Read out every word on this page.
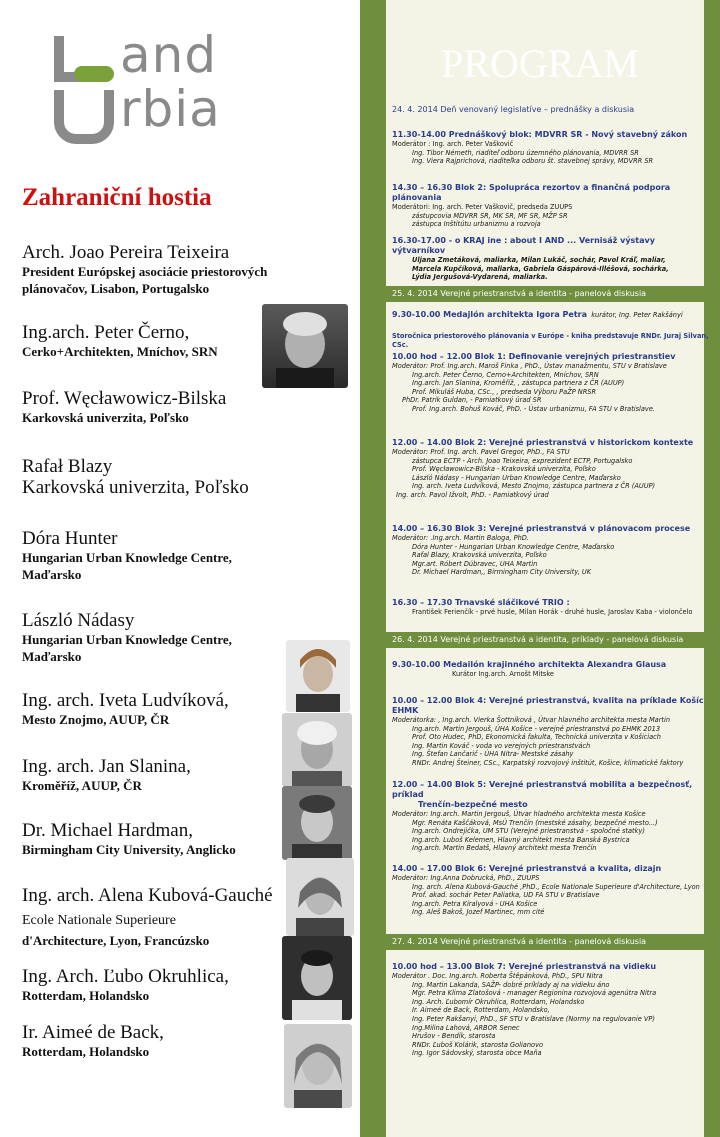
and
rbia
Zahraniční hostia
Arch. Joao Pereira Teixeira
President Európskej asociácie priestorových plánovačov, Lisabon, Portugalsko
Ing.arch. Peter Černo,
Cerko+Architekten, Mníchov, SRN
Prof. Węcławowicz-Bilska
Karkovská univerzita, Poľsko
Rafał Blazy
Karkovská univerzita, Poľsko
Dóra Hunter
Hungarian Urban Knowledge Centre, Maďarsko
László Nádasy
Hungarian Urban Knowledge Centre, Maďarsko
Ing. arch. Iveta Ludvíková,
Mesto Znojmo, AUUP, ČR
Ing. arch. Jan Slanina,
Kroměříž, AUUP, ČR
Dr. Michael Hardman,
Birmingham City University, Anglicko
Ing. arch. Alena Kubová-Gauché Ecole Nationale Superieure
d'Architecture, Lyon, Francúzsko
Ing. Arch. Ľubo Okruhlica,
Rotterdam, Holandsko
Ir. Aimeé de Back,
Rotterdam, Holandsko
PROGRAM
24. 4. 2014 Deň venovaný legislatíve – prednášky a diskusia
11.30-14.00 Prednáškový blok: MDVRR SR - Nový stavebný zákon
Moderátor : Ing. arch. Peter Vaškovič
Ing. Tibor Németh, riaditeľ odboru územného plánovania, MDVRR SR
Ing. Viera Rajprichová, riaditeľka odboru št. stavebnej správy, MDVRR SR
14.30 – 16.30 Blok 2: Spolupráca rezortov a finančná podpora plánovania
Moderátori: Ing. arch. Peter Vaškovič, predseda ZUUPS
zástupcovia MDVRR SR, MK SR, MF SR, MŽP SR
zástupca Inštitútu urbanizmu a rozvoja
16.30-17.00 - o KRAJ ine : about I AND ... Vernisáž výstavy výtvarníkov
Uljana Zmetáková, maliarka, Milan Lukáč, sochár, Pavol Kráľ, maliar,
Marcela Kupčíková, maliarka, Gabriela Gáspárová-Illéšová, sochárka,
Lýdia Jergušová-Vydarená, maliarka.
25. 4. 2014 Verejné priestranstvá a identita - panelová diskusia
9.30-10.00 Medajlón architekta Igora Petra kurátor, Ing. Peter Rakšányi
Storočnica priestorového plánovania v Európe - kniha predstavuje RNDr. Juraj Silvan, CSc.
10.00 hod – 12.00 Blok 1: Definovanie verejných priestranstiev
Moderátor: Prof. Ing.arch. Maroš Finka , PhD., Ústav manažmentu, STU v Bratislave
Ing.arch. Peter Černo, Cerno+Architekten, Mníchov, SRN
Ing.arch. Jan Slanina, Kroměříž, , zástupca partnera z ČR (AUUP)
Prof. Mikuláš Huba, CSc., , predseda Výboru PaŽP NRSR
PhDr. Patrik Guldan, - Pamiatkový úrad SR
Prof. Ing.arch. Bohuš Kováč, PhD. - Ústav urbanizmu, FA STU v Bratislave.
12.00 – 14.00 Blok 2: Verejné priestranstvá v historickom kontexte
Moderátor: Prof. Ing. arch. Pavel Gregor, PhD., FA STU
zástupca ECTP - Arch. Joao Teixeira, exprezident ECTP, Portugalsko
Prof. Węcławowicz-Bilska - Krakovská univerzita, Poľsko
László Nádasy - Hungarian Urban Knowledge Centre, Maďarsko
Ing. arch. Iveta Ludvíková, Mesto Znojmo, zástupca partnera z ČR (AUUP)
Ing. arch. Pavol Ižvolt, PhD. - Pamiatkový úrad
14.00 – 16.30 Blok 3: Verejné priestranstvá v plánovacom procese
Moderátor: .Ing.arch. Martin Baloga, PhD.
Dóra Hunter - Hungarian Urban Knowledge Centre, Maďarsko
Rafal Blazy, Krakovská univerzita, Poľsko
Mgr.art. Róbert Dúbravec, UHA Martin
Dr. Michael Hardman,, Birmingham City University, UK
16.30 – 17.30 Trnavské sláčikové TRIO :
František Ferienčík - prvé husle, Milan Horák - druhé husle, Jaroslav Kaba - violončelo
26. 4. 2014 Verejné priestranstvá a identita, príklady - panelová diskusia
9.30-10.00 Medailón krajinného architekta Alexandra Glausa
Kurátor Ing.arch. Arnošt Mitske
10.00 – 12.00 Blok 4: Verejné priestranstvá, kvalita na príklade Košíc EHMK
Moderátorka: , Ing.arch. Vierka Šottníková , Útvar hlavného architekta mesta Martin
Ing.arch. Martin Jergouš, ÚHA Košice - verejné priestranstvá po EHMK 2013
Prof. Oto Hudec, PhD, Ekonomická fakulta, Technická univerzita v Košiciach
Ing. Martin Kováč - voda vo verejných priestranstvách
Ing. Štefan Lančarič - ÚHA Nitra- Mestské zásahy
RNDr. Andrej Šteiner, CSc., Karpatský rozvojový inštitút, Košice, klimatické faktory
12.00 – 14.00 Blok 5: Verejné priestranstvá mobilita a bezpečnosť, príklad
Trenčín-bezpečné mesto
Moderátor: Ing.arch. Martin Jergouš, Útvar hladného architekta mesta Košice
Mgr. Renáta Kaščáková, MsÚ Trenčín (mestské zásahy, bezpečné mesto...)
Ing.arch. Ondrejička, UM STU (Verejné priestranstvá - spoločné statky)
Ing.arch. Luboš Kelemen, Hlavný architekt mesta Banská Bystrica
Ing.arch. Martin Bedatš, Hlavný architekt mesta Trenčín
14.00 – 17.00 Blok 6: Verejné priestranstvá a kvalita, dizajn
Moderátor: Ing.Anna Dobrucká, PhD., ZUUPS
Ing. arch. Alena Kubová-Gauché ,PhD., Ecole Nationale Superieure d'Architecture, Lyon
Prof. akad. sochár Peter Paliatka, UD FA STU v Bratislave
Ing.arch. Petra Kiralyová - UHA Košice
Ing. Aleš Bakoš, Jozef Martinec, mm cité
27. 4. 2014 Verejné priestranstvá a identita - panelová diskusia
10.00 hod – 13.00 Blok 7: Verejné priestranstvá na vidieku
Moderátor . Doc. Ing.arch. Roberta Štěpánková, PhD., SPU Nitra
Ing. Martin Lakanda, SAŽP- dobré príklady aj na vidieku áno
Mgr. Petra Klima Zlatošová - manager Regionina rozvojová agenútra Nitra
Ing. Arch. Ľubomír Okruhlica, Rotterdam, Holandsko
Ir. Aimeé de Back, Rotterdam, Holandsko,
Ing. Peter Rakšanyi, PhD., SF STU v Bratislave (Normy na regulovanie VP)
Ing.Milina Lahová, ARBOR Senec
Hrušov - Bendík, starosta
RNDr. Ľuboš Kolárik, starosta Golianovo
Ing. Igor Sádovský, starosta obce Maňa
